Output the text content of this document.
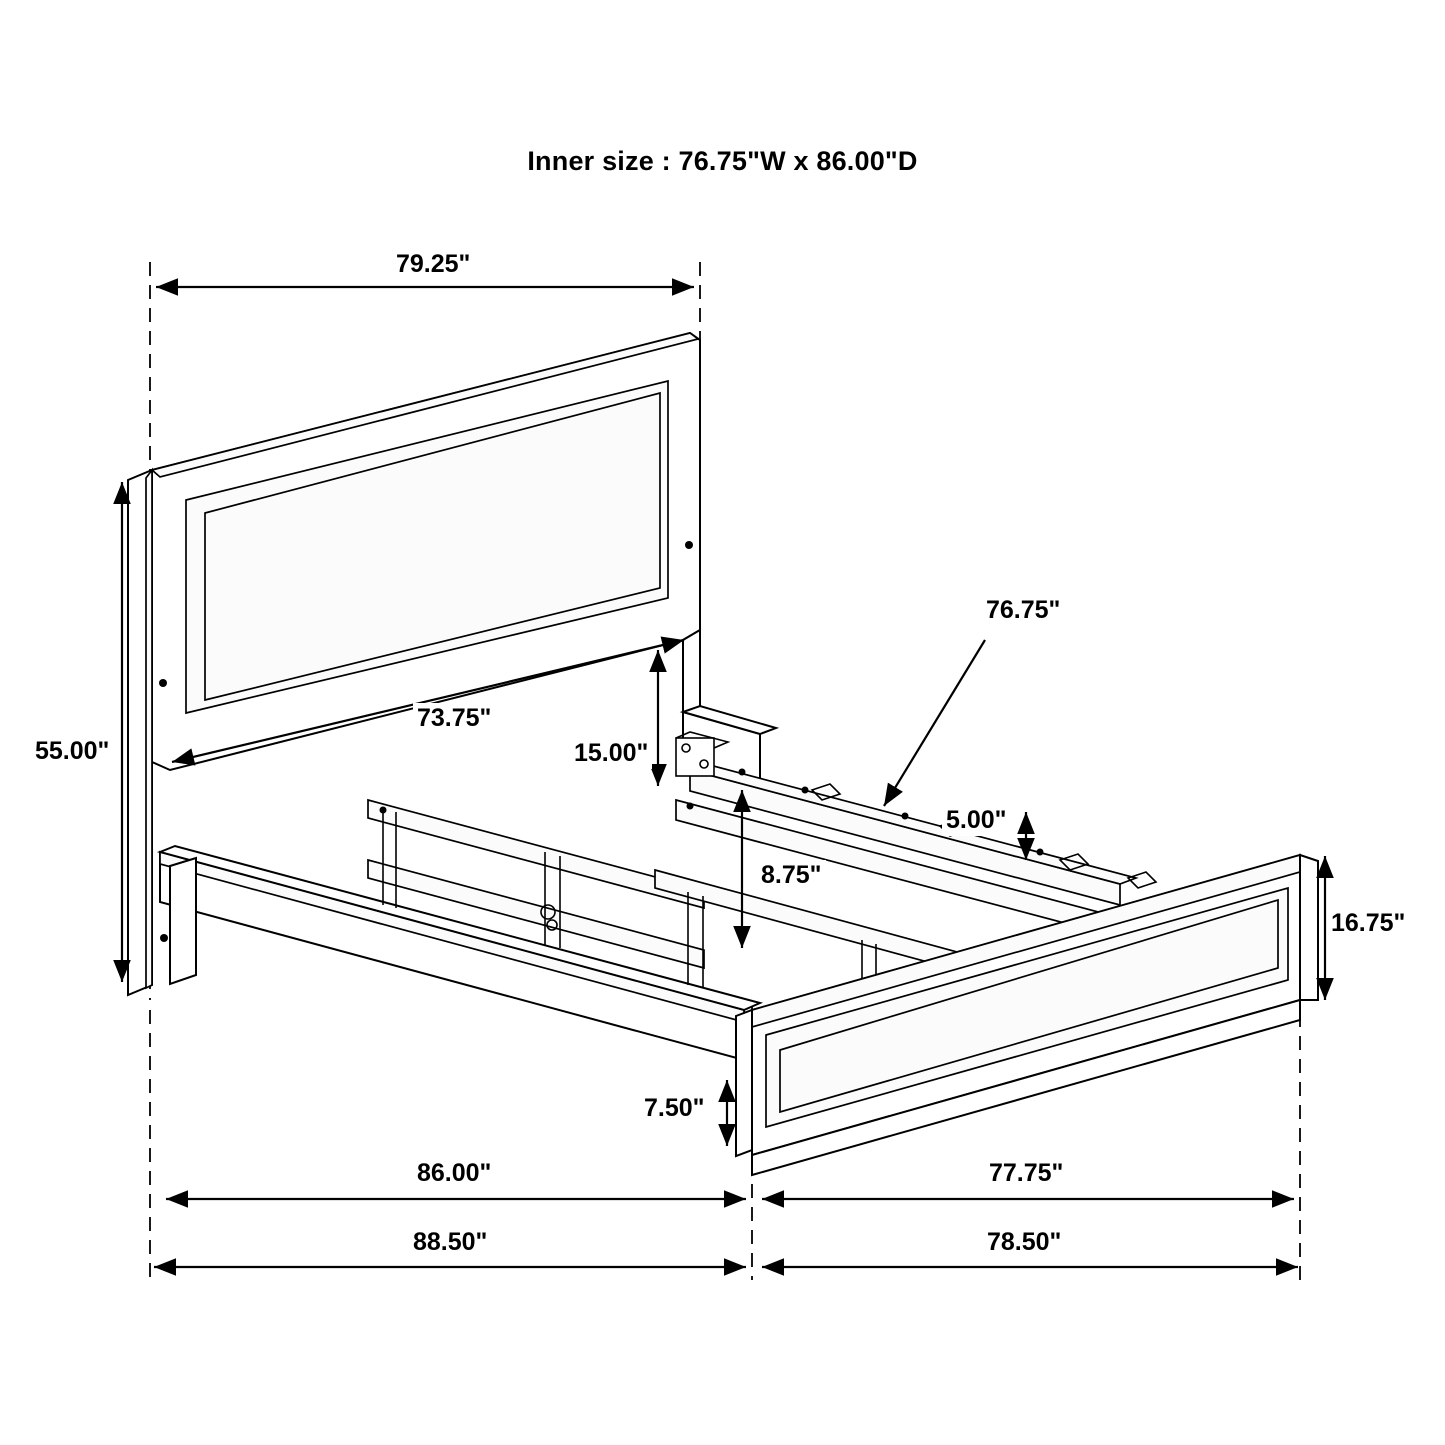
Inner size : 76.75"W x 86.00"D
79.25"
55.00"
73.75"
15.00"
76.75"
5.00"
8.75"
16.75"
7.50"
86.00"	77.75"
88.50"	78.50"
